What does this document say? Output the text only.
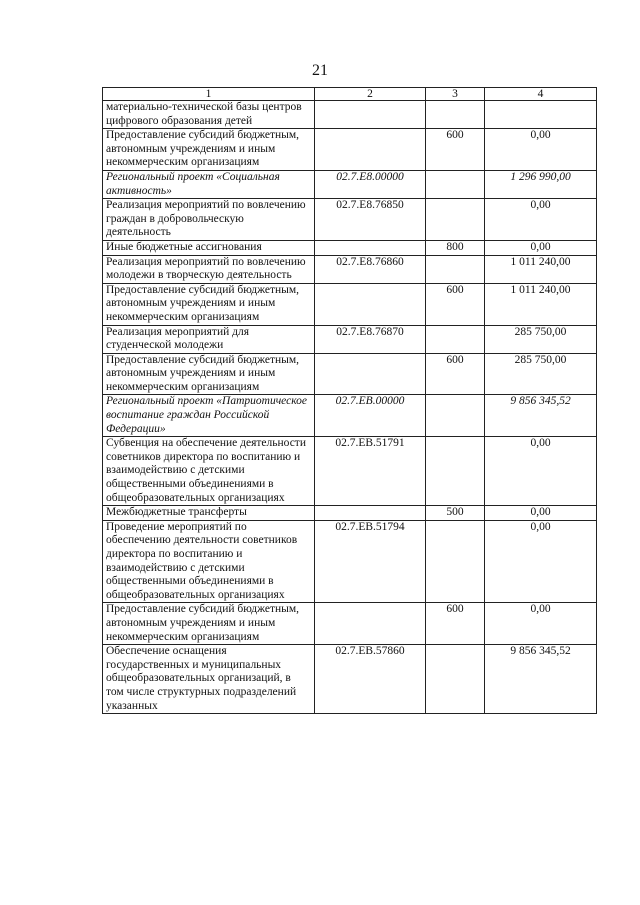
21
1	2	3	4
материально-технической базы центров цифрового образования детей			
Предоставление субсидий бюджетным, автономным учреждениям и иным некоммерческим организациям		600	0,00
Региональный проект «Социальная активность»	02.7.Е8.00000		1 296 990,00
Реализация мероприятий по вовлечению граждан в добровольческую деятельность	02.7.Е8.76850		0,00
Иные бюджетные ассигнования		800	0,00
Реализация мероприятий по вовлечению молодежи в творческую деятельность	02.7.Е8.76860		1 011 240,00
Предоставление субсидий бюджетным, автономным учреждениям и иным некоммерческим организациям		600	1 011 240,00
Реализация мероприятий для студенческой молодежи	02.7.Е8.76870		285 750,00
Предоставление субсидий бюджетным, автономным учреждениям и иным некоммерческим организациям		600	285 750,00
Региональный проект «Патриотическое воспитание граждан Российской Федерации»	02.7.ЕВ.00000		9 856 345,52
Субвенция на обеспечение деятельности советников директора по воспитанию и взаимодействию с детскими общественными объединениями в общеобразовательных организациях	02.7.ЕВ.51791		0,00
Межбюджетные трансферты		500	0,00
Проведение мероприятий по обеспечению деятельности советников директора по воспитанию и взаимодействию с детскими общественными объединениями в общеобразовательных организациях	02.7.ЕВ.51794		0,00
Предоставление субсидий бюджетным, автономным учреждениям и иным некоммерческим организациям		600	0,00
Обеспечение оснащения государственных и муниципальных общеобразовательных организаций, в том числе структурных подразделений указанных	02.7.ЕВ.57860		9 856 345,52
